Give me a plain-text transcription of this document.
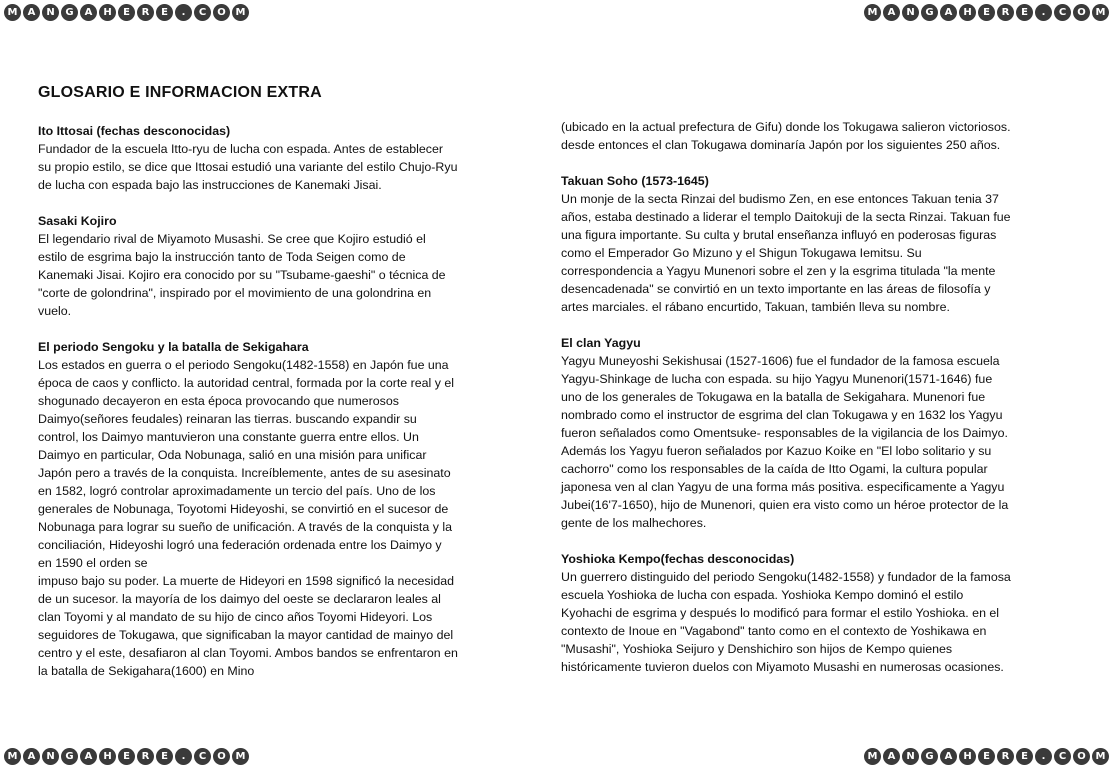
M	A	N	G	A	H	E	R	E	.	C	O M	M	A	N	G	A	H	E	R	E	.	C	O M
M	A	N	G	A	H	E	R	E	.	C	O M	M	A	N	G	A	H	E	R	E	.	C	O M
GLOSARIO E INFORMACION EXTRA

Ito Ittosai (fechas desconocidas)

Fundador de la escuela Itto-ryu de lucha con espada. Antes de establecer su propio estilo, se dice que Ittosai estudió una variante del estilo Chujo-Ryu de lucha con espada bajo las instrucciones de Kanemaki Jisai.

Sasaki Kojiro

El legendario rival de Miyamoto Musashi. Se cree que Kojiro estudió el estilo de esgrima bajo la instrucción tanto de Toda Seigen como de Kanemaki Jisai. Kojiro era conocido por su "Tsubame-gaeshi" o técnica de "corte de golondrina", inspirado por el movimiento de una golondrina en vuelo.

El periodo Sengoku y la batalla de Sekigahara

Los estados en guerra o el periodo Sengoku(1482-1558) en Japón fue una época de caos y conflicto. la autoridad central, formada por la corte real y el shogunado decayeron en esta época provocando que numerosos Daimyo(señores feudales) reinaran las tierras. buscando expandir su control, los Daimyo mantuvieron una constante guerra entre ellos. Un Daimyo en particular, Oda Nobunaga, salió en una misión para unificar Japón pero a través de la conquista. Increíblemente, antes de su asesinato en 1582, logró controlar aproximadamente un tercio del país. Uno de los generales de Nobunaga, Toyotomi Hideyoshi, se convirtió en el sucesor de Nobunaga para lograr su sueño de unificación. A través de la conquista y la conciliación, Hideyoshi logró una federación ordenada entre los Daimyo y en 1590 el orden se

impuso bajo su poder. La muerte de Hideyori en 1598 significó la necesidad de un sucesor. la mayoría de los daimyo del oeste se declararon leales al clan Toyomi y al mandato de su hijo de cinco años Toyomi Hideyori. Los seguidores de Tokugawa, que significaban la mayor cantidad de mainyo del centro y el este, desafiaron al clan Toyomi. Ambos bandos se enfrentaron en la batalla de Sekigahara(1600) en Mino

(ubicado en la actual prefectura de Gifu) donde los Tokugawa salieron victoriosos. desde entonces el clan Tokugawa dominaría Japón por los siguientes 250 años.

Takuan Soho (1573-1645)

Un monje de la secta Rinzai del budismo Zen, en ese entonces Takuan tenia 37 años, estaba destinado a liderar el templo Daitokuji de la secta Rinzai. Takuan fue una figura importante. Su culta y brutal enseñanza influyó en poderosas figuras como el Emperador Go Mizuno y el Shigun Tokugawa Iemitsu. Su correspondencia a Yagyu Munenori sobre el zen y la esgrima titulada "la mente desencadenada" se convirtió en un texto importante en las áreas de filosofía y artes marciales. el rábano encurtido, Takuan, también lleva su nombre.

El clan Yagyu

Yagyu Muneyoshi Sekishusai (1527-1606) fue el fundador de la famosa escuela Yagyu-Shinkage de lucha con espada. su hijo Yagyu Munenori(1571-1646) fue uno de los generales de Tokugawa en la batalla de Sekigahara. Munenori fue nombrado como el instructor de esgrima del clan Tokugawa y en 1632 los Yagyu fueron señalados como Omentsuke- responsables de la vigilancia de los Daimyo. Además los Yagyu fueron señalados por Kazuo Koike en "El lobo solitario y su cachorro" como los responsables de la caída de Itto Ogami, la cultura popular japonesa ven al clan Yagyu de una forma más positiva. especificamente a Yagyu Jubei(16'7-1650), hijo de Munenori, quien era visto como un héroe protector de la gente de los malhechores.

Yoshioka Kempo(fechas desconocidas)

Un guerrero distinguido del periodo Sengoku(1482-1558) y fundador de la famosa escuela Yoshioka de lucha con espada. Yoshioka Kempo dominó el estilo Kyohachi de esgrima y después lo modificó para formar el estilo Yoshioka. en el contexto de Inoue en "Vagabond" tanto como en el contexto de Yoshikawa en "Musashi", Yoshioka Seijuro y Denshichiro son hijos de Kempo quienes históricamente tuvieron duelos con Miyamoto Musashi en numerosas ocasiones.
